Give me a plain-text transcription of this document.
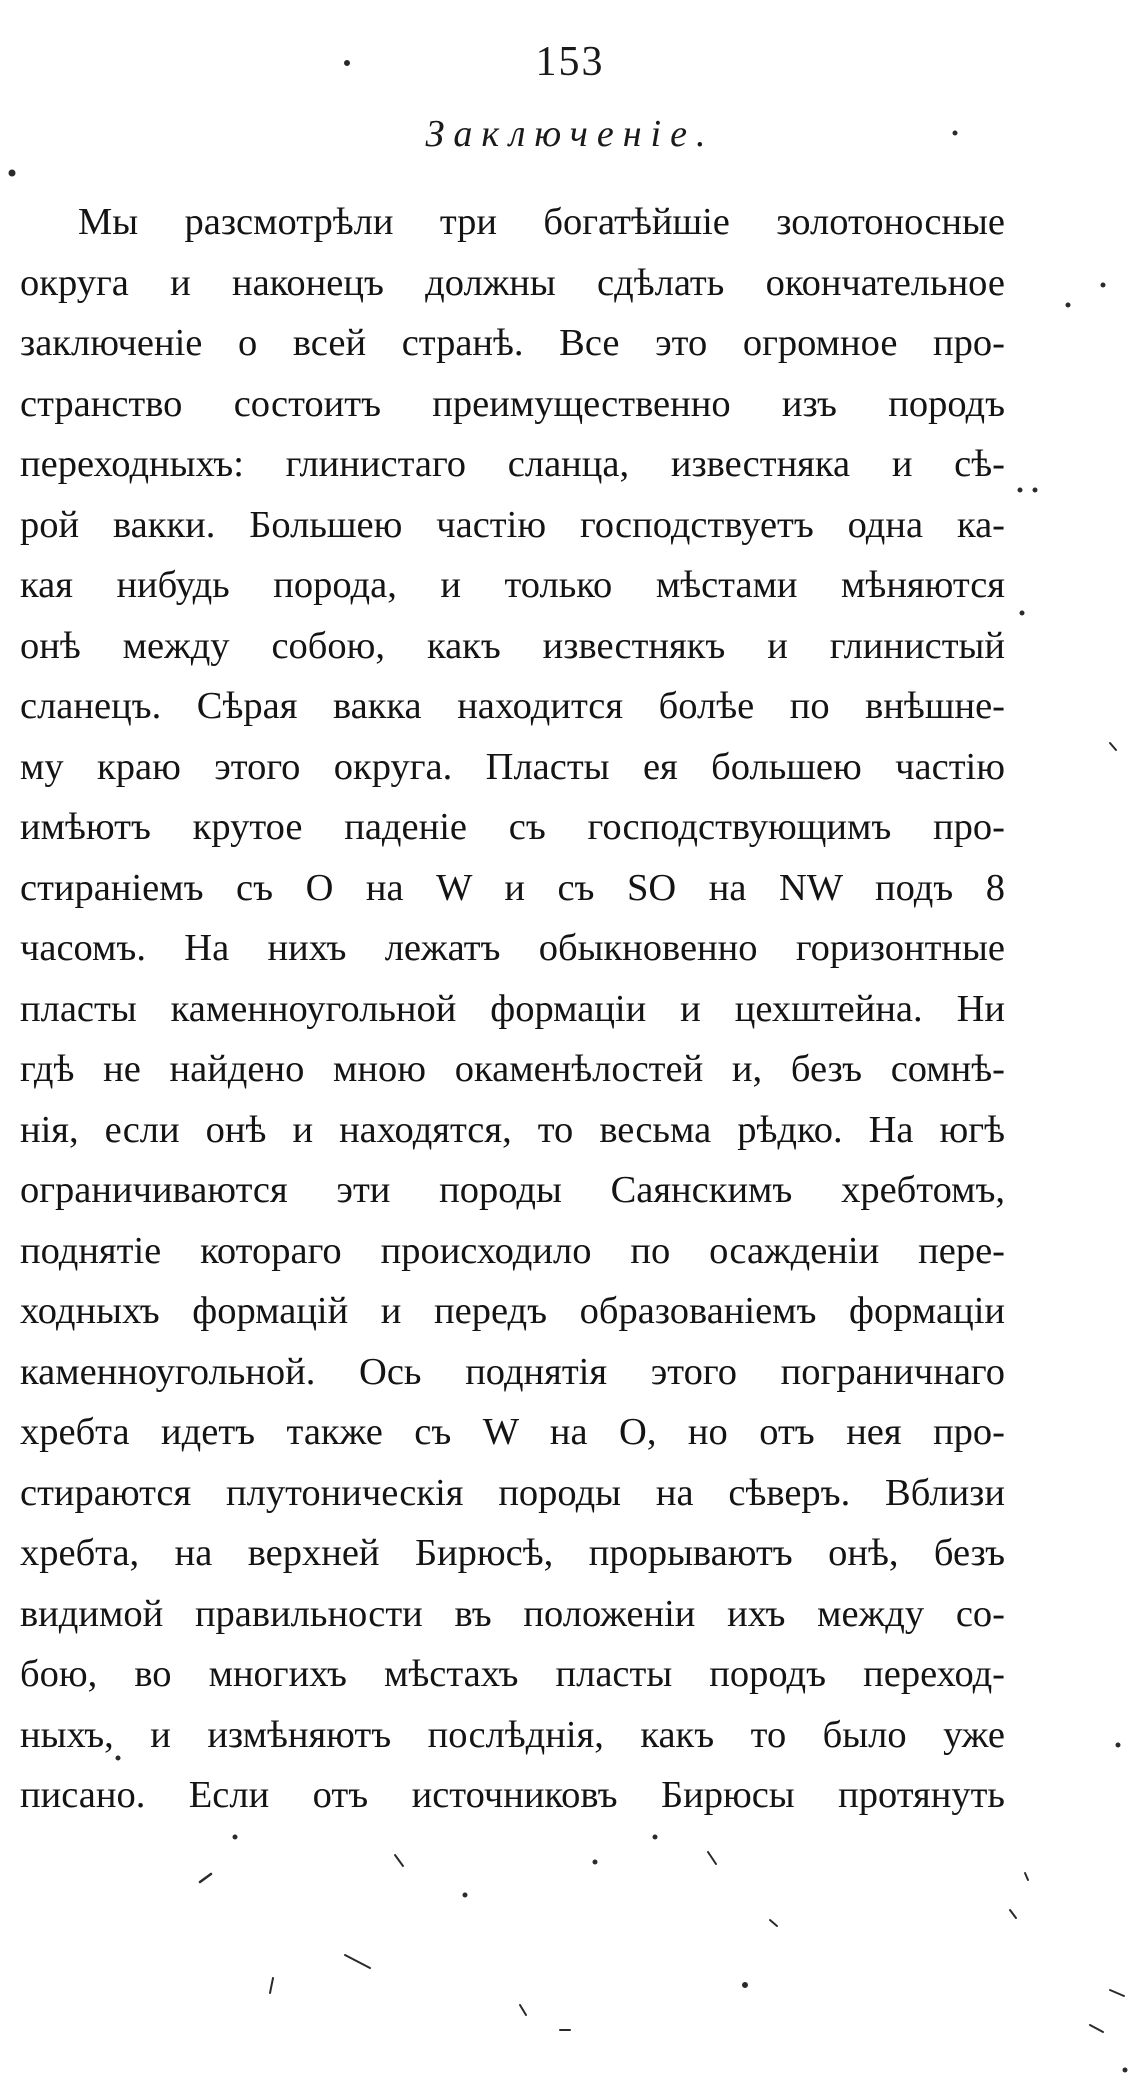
153
Заключеніе.
Мы разсмотрѣли три богатѣйшіе золотоносные
округа и наконецъ должны сдѣлать окончательное
заключеніе о всей странѣ. Все это огромное про-
странство состоитъ преимущественно изъ породъ
переходныхъ: глинистаго сланца, известняка и сѣ-
рой вакки. Большею частію господствуетъ одна ка-
кая нибудь порода, и только мѣстами мѣняются
онѣ между собою, какъ известнякъ и глинистый
сланецъ. Сѣрая вакка находится болѣе по внѣшне-
му краю этого округа. Пласты ея большею частію
имѣютъ крутое паденіе съ господствующимъ про-
стираніемъ съ O на W и съ SO на NW подъ 8
часомъ. На нихъ лежатъ обыкновенно горизонтные
пласты каменноугольной формаціи и цехштейна. Ни
гдѣ не найдено мною окаменѣлостей и, безъ сомнѣ-
нія, если онѣ и находятся, то весьма рѣдко. На югѣ
ограничиваются эти породы Саянскимъ хребтомъ,
поднятіе котораго происходило по осажденіи пере-
ходныхъ формацій и передъ образованіемъ формаціи
каменноугольной. Ось поднятія этого пограничнаго
хребта идетъ также съ W на O, но отъ нея про-
стираются плутоническія породы на сѣверъ. Вблизи
хребта, на верхней Бирюсѣ, прорываютъ онѣ, безъ
видимой правильности въ положеніи ихъ между со-
бою, во многихъ мѣстахъ пласты породъ переход-
ныхъ, и измѣняютъ послѣднія, какъ то было уже
писано. Если отъ источниковъ Бирюсы протянуть
